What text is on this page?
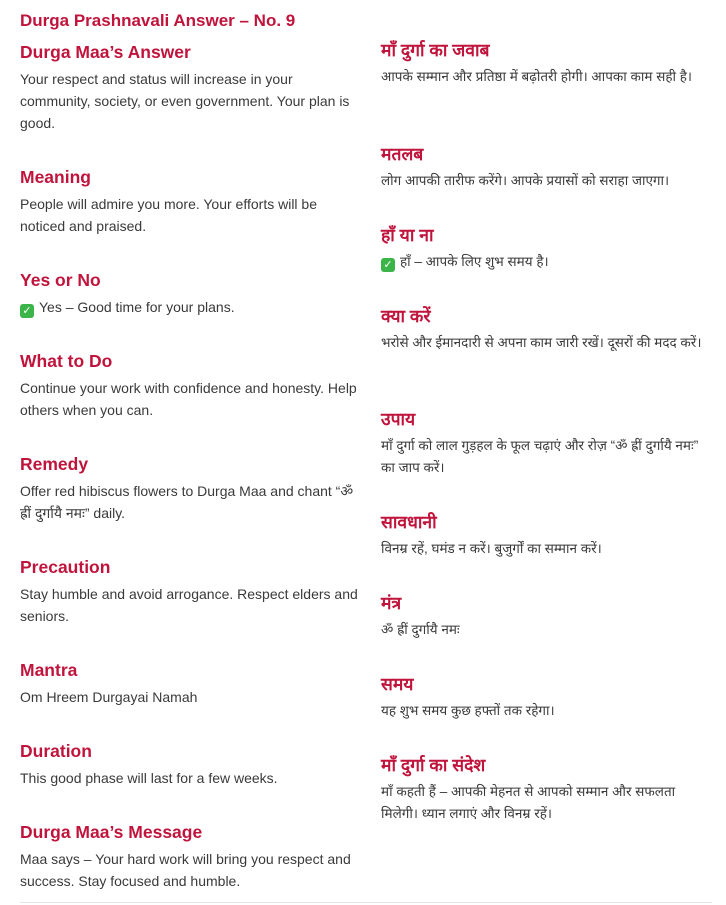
Durga Prashnavali Answer – No. 9
Durga Maa’s Answer

Your respect and status will increase in your community, society, or even government. Your plan is good.

Meaning

People will admire you more. Your efforts will be noticed and praised.

Yes or No

✓ Yes – Good time for your plans.

What to Do

Continue your work with confidence and honesty. Help others when you can.

Remedy

Offer red hibiscus flowers to Durga Maa and chant “ॐ ह्रीं दुर्गायै नमः” daily.

Precaution

Stay humble and avoid arrogance. Respect elders and seniors.

Mantra

Om Hreem Durgayai Namah

Duration

This good phase will last for a few weeks.

Durga Maa’s Message

Maa says – Your hard work will bring you respect and success. Stay focused and humble.

माँ दुर्गा का जवाब

आपके सम्मान और प्रतिष्ठा में बढ़ोतरी होगी। आपका काम सही है।

मतलब

लोग आपकी तारीफ करेंगे। आपके प्रयासों को सराहा जाएगा।

हाँ या ना

✓ हाँ – आपके लिए शुभ समय है।

क्या करें

भरोसे और ईमानदारी से अपना काम जारी रखें। दूसरों की मदद करें।

उपाय

माँ दुर्गा को लाल गुड़हल के फूल चढ़ाएं और रोज़ “ॐ ह्रीं दुर्गायै नमः” का जाप करें।

सावधानी

विनम्र रहें, घमंड न करें। बुजुर्गों का सम्मान करें।

मंत्र

ॐ ह्रीं दुर्गायै नमः

समय

यह शुभ समय कुछ हफ्तों तक रहेगा।

माँ दुर्गा का संदेश

माँ कहती हैं – आपकी मेहनत से आपको सम्मान और सफलता मिलेगी। ध्यान लगाएं और विनम्र रहें।
